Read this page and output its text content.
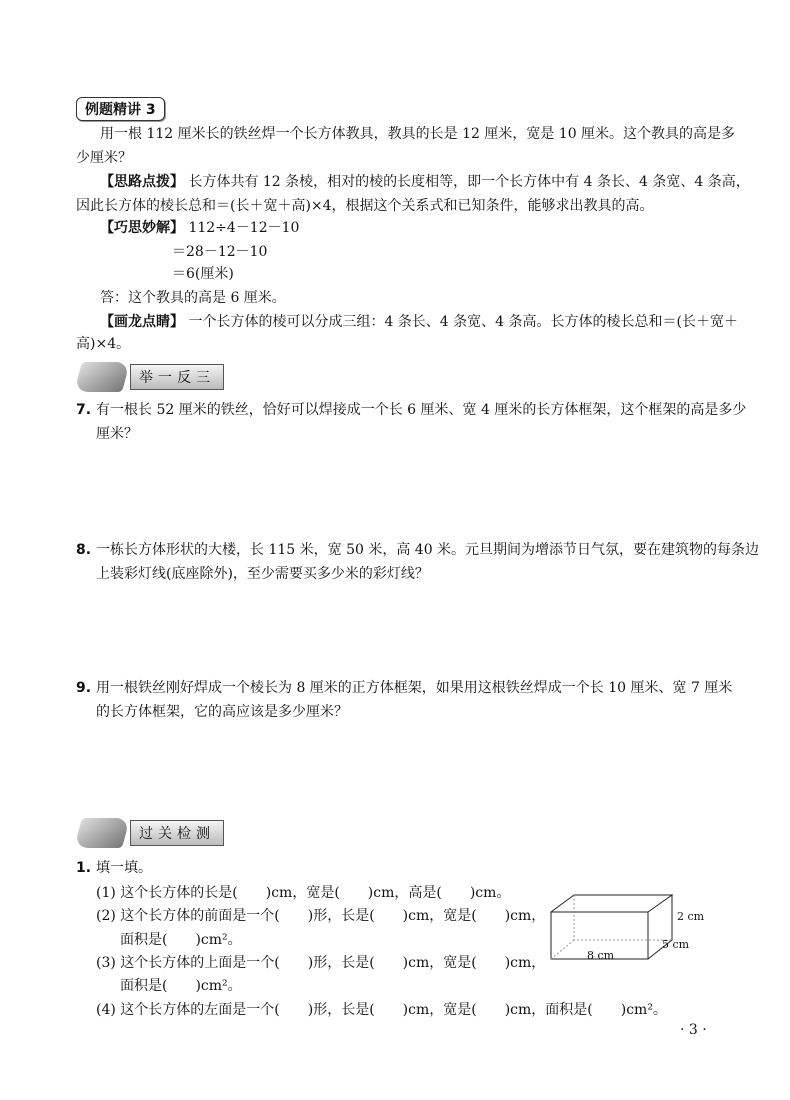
例题精讲 3
用一根 112 厘米长的铁丝焊一个长方体教具，教具的长是 12 厘米，宽是 10 厘米。这个教具的高是多
少厘米？
【思路点拨】 长方体共有 12 条棱，相对的棱的长度相等，即一个长方体中有 4 条长、4 条宽、4 条高，
因此长方体的棱长总和＝(长＋宽＋高)×4，根据这个关系式和已知条件，能够求出教具的高。
【巧思妙解】 112÷4－12－10
＝28－12－10
＝6(厘米)
答：这个教具的高是 6 厘米。
【画龙点睛】 一个长方体的棱可以分成三组：4 条长、4 条宽、4 条高。长方体的棱长总和＝(长＋宽＋
高)×4。
举一反三
7. 有一根长 52 厘米的铁丝，恰好可以焊接成一个长 6 厘米、宽 4 厘米的长方体框架，这个框架的高是多少
厘米？
8. 一栋长方体形状的大楼，长 115 米，宽 50 米，高 40 米。元旦期间为增添节日气氛，要在建筑物的每条边
上装彩灯线(底座除外)，至少需要买多少米的彩灯线？
9. 用一根铁丝刚好焊成一个棱长为 8 厘米的正方体框架，如果用这根铁丝焊成一个长 10 厘米、宽 7 厘米
的长方体框架，它的高应该是多少厘米？
过关检测
1. 填一填。
(1) 这个长方体的长是(　　)cm，宽是(　　)cm，高是(　　)cm。
(2) 这个长方体的前面是一个(　　)形，长是(　　)cm，宽是(　　)cm，
面积是(　　)cm²。
(3) 这个长方体的上面是一个(　　)形，长是(　　)cm，宽是(　　)cm，
面积是(　　)cm²。
(4) 这个长方体的左面是一个(　　)形，长是(　　)cm，宽是(　　)cm，面积是(　　)cm²。
2 cm
5 cm
8 cm
· 3 ·
